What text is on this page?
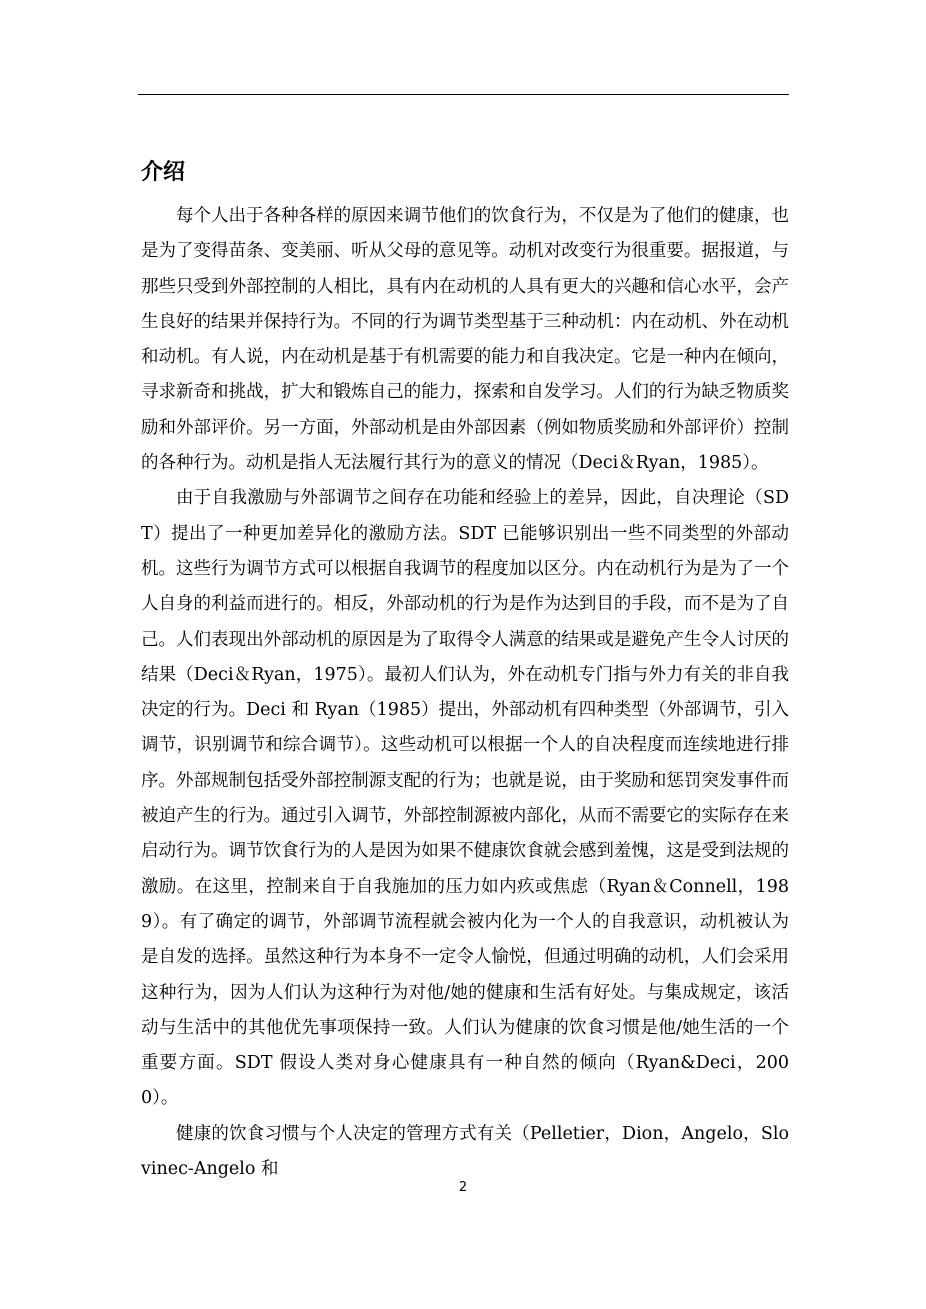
介绍

每个人出于各种各样的原因来调节他们的饮食行为，不仅是为了他们的健康，也是为了变得苗条、变美丽、听从父母的意见等。动机对改变行为很重要。据报道，与那些只受到外部控制的人相比，具有内在动机的人具有更大的兴趣和信心水平，会产生良好的结果并保持行为。不同的行为调节类型基于三种动机：内在动机、外在动机和动机。有人说，内在动机是基于有机需要的能力和自我决定。它是一种内在倾向，寻求新奇和挑战，扩大和锻炼自己的能力，探索和自发学习。人们的行为缺乏物质奖励和外部评价。另一方面，外部动机是由外部因素（例如物质奖励和外部评价）控制的各种行为。动机是指人无法履行其行为的意义的情况（Deci＆Ryan，1985）。

由于自我激励与外部调节之间存在功能和经验上的差异，因此，自决理论（SDT）提出了一种更加差异化的激励方法。SDT 已能够识别出一些不同类型的外部动机。这些行为调节方式可以根据自我调节的程度加以区分。内在动机行为是为了一个人自身的利益而进行的。相反，外部动机的行为是作为达到目的手段，而不是为了自己。人们表现出外部动机的原因是为了取得令人满意的结果或是避免产生令人讨厌的结果（Deci＆Ryan，1975）。最初人们认为，外在动机专门指与外力有关的非自我决定的行为。Deci 和 Ryan（1985）提出，外部动机有四种类型（外部调节，引入调节，识别调节和综合调节）。这些动机可以根据一个人的自决程度而连续地进行排序。外部规制包括受外部控制源支配的行为；也就是说，由于奖励和惩罚突发事件而被迫产生的行为。通过引入调节，外部控制源被内部化，从而不需要它的实际存在来启动行为。调节饮食行为的人是因为如果不健康饮食就会感到羞愧，这是受到法规的激励。在这里，控制来自于自我施加的压力如内疚或焦虑（Ryan＆Connell，1989）。有了确定的调节，外部调节流程就会被内化为一个人的自我意识，动机被认为是自发的选择。虽然这种行为本身不一定令人愉悦，但通过明确的动机，人们会采用这种行为，因为人们认为这种行为对他/她的健康和生活有好处。与集成规定，该活动与生活中的其他优先事项保持一致。人们认为健康的饮食习惯是他/她生活的一个重要方面。SDT 假设人类对身心健康具有一种自然的倾向（Ryan&Deci，2000）。

健康的饮食习惯与个人决定的管理方式有关（Pelletier，Dion，Angelo，Slovinec-Angelo 和

2
